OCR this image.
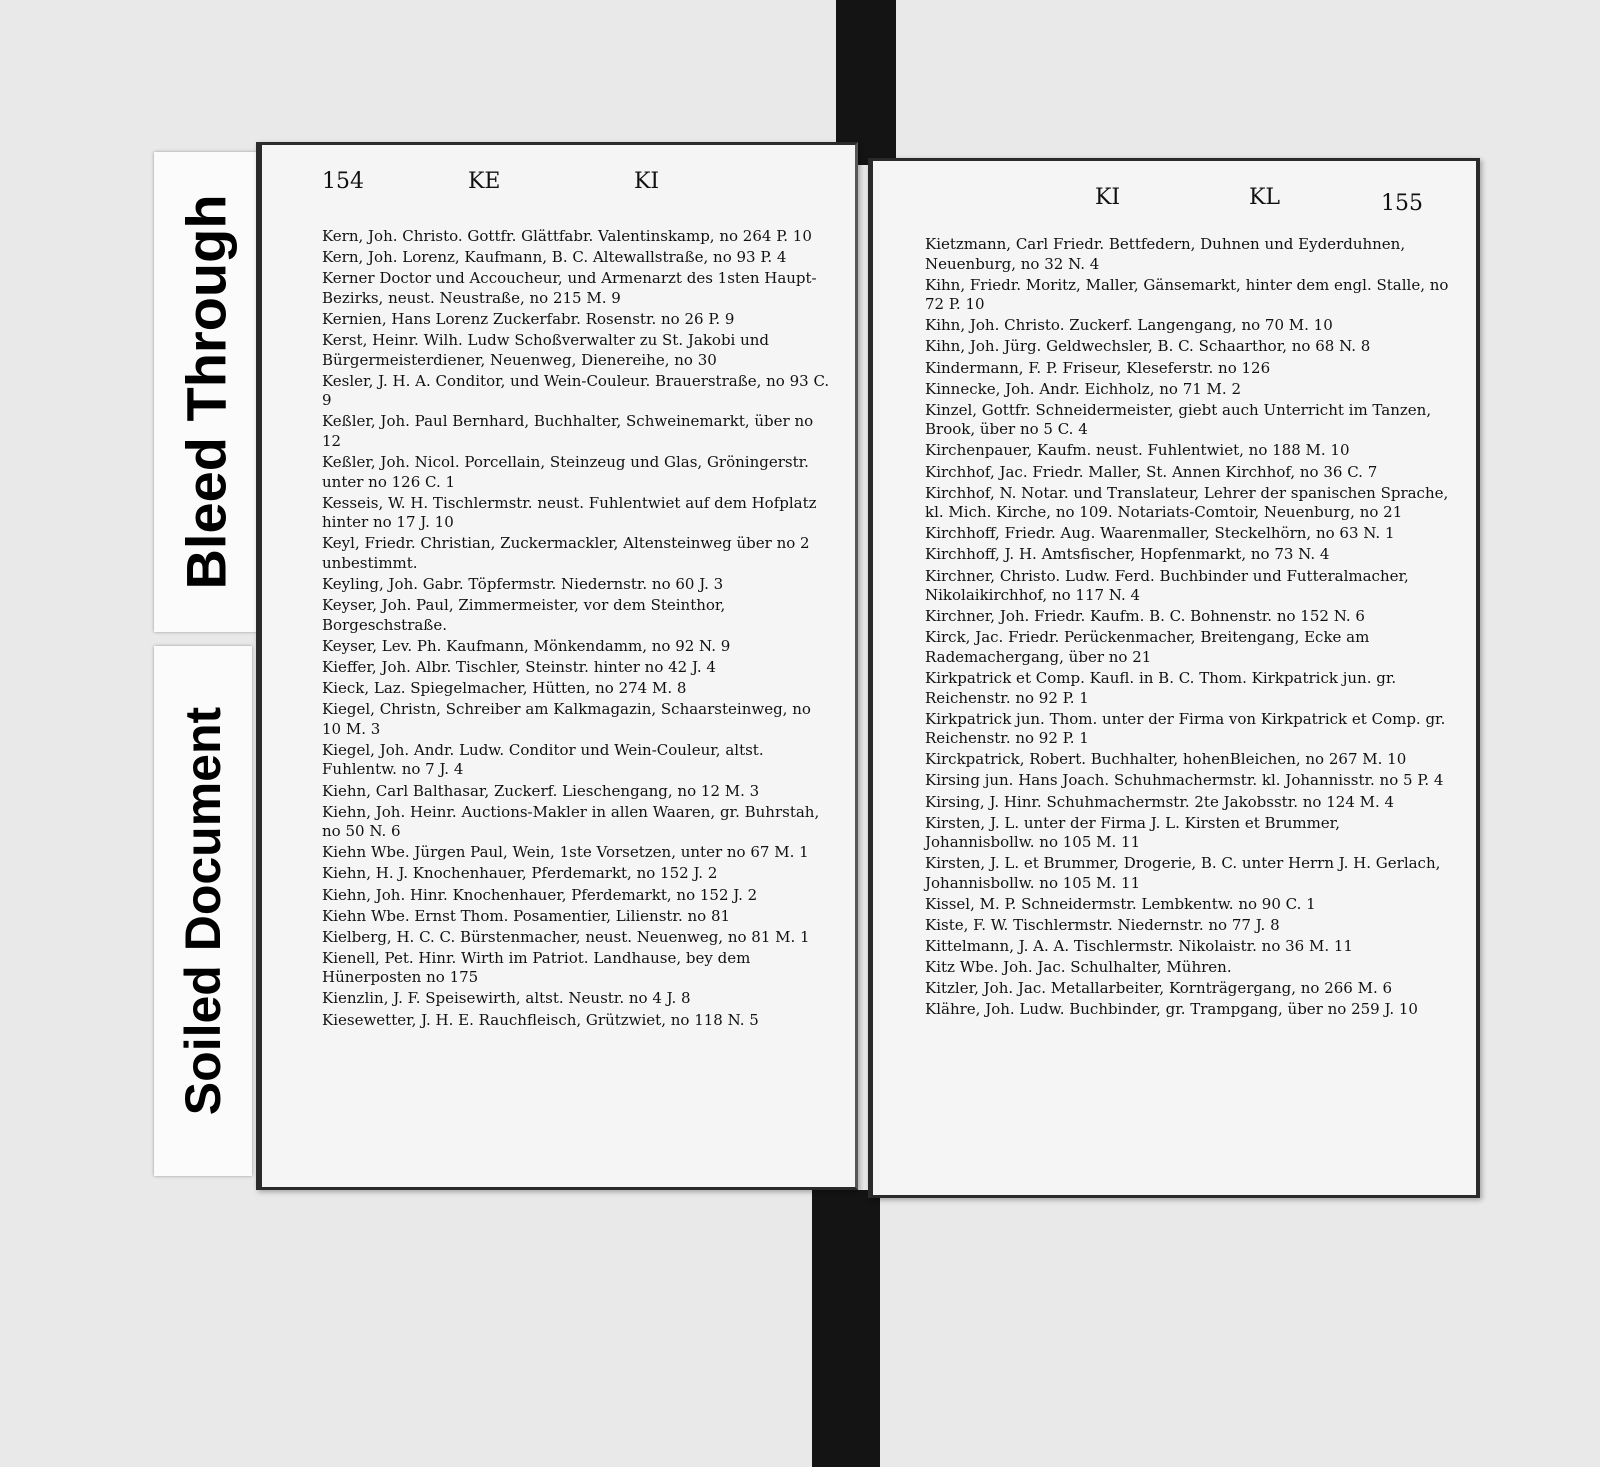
Bleed Through
Soiled Document
154	KE	KI
Kern, Joh. Christo. Gottfr. Glättfabr. Valentinskamp, no 264 P. 10
Kern, Joh. Lorenz, Kaufmann, B. C. Altewallstraße, no 93 P. 4
Kerner Doctor und Accoucheur, und Armenarzt des 1sten Haupt-Bezirks, neust. Neustraße, no 215 M. 9
Kernien, Hans Lorenz Zuckerfabr. Rosenstr. no 26 P. 9
Kerst, Heinr. Wilh. Ludw Schoßverwalter zu St. Jakobi und Bürgermeisterdiener, Neuenweg, Dienereihe, no 30
Kesler, J. H. A. Conditor, und Wein-Couleur. Brauerstraße, no 93 C. 9
Keßler, Joh. Paul Bernhard, Buchhalter, Schweinemarkt, über no 12
Keßler, Joh. Nicol. Porcellain, Steinzeug und Glas, Gröningerstr. unter no 126 C. 1
Kesseis, W. H. Tischlermstr. neust. Fuhlentwiet auf dem Hofplatz hinter no 17 J. 10
Keyl, Friedr. Christian, Zuckermackler, Altensteinweg über no 2 unbestimmt.
Keyling, Joh. Gabr. Töpfermstr. Niedernstr. no 60 J. 3
Keyser, Joh. Paul, Zimmermeister, vor dem Steinthor, Borgeschstraße.
Keyser, Lev. Ph. Kaufmann, Mönkendamm, no 92 N. 9
Kieffer, Joh. Albr. Tischler, Steinstr. hinter no 42 J. 4
Kieck, Laz. Spiegelmacher, Hütten, no 274 M. 8
Kiegel, Christn, Schreiber am Kalkmagazin, Schaarsteinweg, no 10 M. 3
Kiegel, Joh. Andr. Ludw. Conditor und Wein-Couleur, altst. Fuhlentw. no 7 J. 4
Kiehn, Carl Balthasar, Zuckerf. Lieschengang, no 12 M. 3
Kiehn, Joh. Heinr. Auctions-Makler in allen Waaren, gr. Buhrstah, no 50 N. 6
Kiehn Wbe. Jürgen Paul, Wein, 1ste Vorsetzen, unter no 67 M. 1
Kiehn, H. J. Knochenhauer, Pferdemarkt, no 152 J. 2
Kiehn, Joh. Hinr. Knochenhauer, Pferdemarkt, no 152 J. 2
Kiehn Wbe. Ernst Thom. Posamentier, Lilienstr. no 81
Kielberg, H. C. C. Bürstenmacher, neust. Neuenweg, no 81 M. 1
Kienell, Pet. Hinr. Wirth im Patriot. Landhause, bey dem Hünerposten no 175
Kienzlin, J. F. Speisewirth, altst. Neustr. no 4 J. 8
Kiesewetter, J. H. E. Rauchfleisch, Grützwiet, no 118 N. 5
KI	KL	155
Kietzmann, Carl Friedr. Bettfedern, Duhnen und Eyderduhnen, Neuenburg, no 32 N. 4
Kihn, Friedr. Moritz, Maller, Gänsemarkt, hinter dem engl. Stalle, no 72 P. 10
Kihn, Joh. Christo. Zuckerf. Langengang, no 70 M. 10
Kihn, Joh. Jürg. Geldwechsler, B. C. Schaarthor, no 68 N. 8
Kindermann, F. P. Friseur, Kleseferstr. no 126
Kinnecke, Joh. Andr. Eichholz, no 71 M. 2
Kinzel, Gottfr. Schneidermeister, giebt auch Unterricht im Tanzen, Brook, über no 5 C. 4
Kirchenpauer, Kaufm. neust. Fuhlentwiet, no 188 M. 10
Kirchhof, Jac. Friedr. Maller, St. Annen Kirchhof, no 36 C. 7
Kirchhof, N. Notar. und Translateur, Lehrer der spanischen Sprache, kl. Mich. Kirche, no 109. Notariats-Comtoir, Neuenburg, no 21
Kirchhoff, Friedr. Aug. Waarenmaller, Steckelhörn, no 63 N. 1
Kirchhoff, J. H. Amtsfischer, Hopfenmarkt, no 73 N. 4
Kirchner, Christo. Ludw. Ferd. Buchbinder und Futteralmacher, Nikolaikirchhof, no 117 N. 4
Kirchner, Joh. Friedr. Kaufm. B. C. Bohnenstr. no 152 N. 6
Kirck, Jac. Friedr. Perückenmacher, Breitengang, Ecke am Rademachergang, über no 21
Kirkpatrick et Comp. Kaufl. in B. C. Thom. Kirkpatrick jun. gr. Reichenstr. no 92 P. 1
Kirkpatrick jun. Thom. unter der Firma von Kirkpatrick et Comp. gr. Reichenstr. no 92 P. 1
Kirckpatrick, Robert. Buchhalter, hohenBleichen, no 267 M. 10
Kirsing jun. Hans Joach. Schuhmachermstr. kl. Johannisstr. no 5 P. 4
Kirsing, J. Hinr. Schuhmachermstr. 2te Jakobsstr. no 124 M. 4
Kirsten, J. L. unter der Firma J. L. Kirsten et Brummer, Johannisbollw. no 105 M. 11
Kirsten, J. L. et Brummer, Drogerie, B. C. unter Herrn J. H. Gerlach, Johannisbollw. no 105 M. 11
Kissel, M. P. Schneidermstr. Lembkentw. no 90 C. 1
Kiste, F. W. Tischlermstr. Niedernstr. no 77 J. 8
Kittelmann, J. A. A. Tischlermstr. Nikolaistr. no 36 M. 11
Kitz Wbe. Joh. Jac. Schulhalter, Mühren.
Kitzler, Joh. Jac. Metallarbeiter, Kornträgergang, no 266 M. 6
Klähre, Joh. Ludw. Buchbinder, gr. Trampgang, über no 259 J. 10
